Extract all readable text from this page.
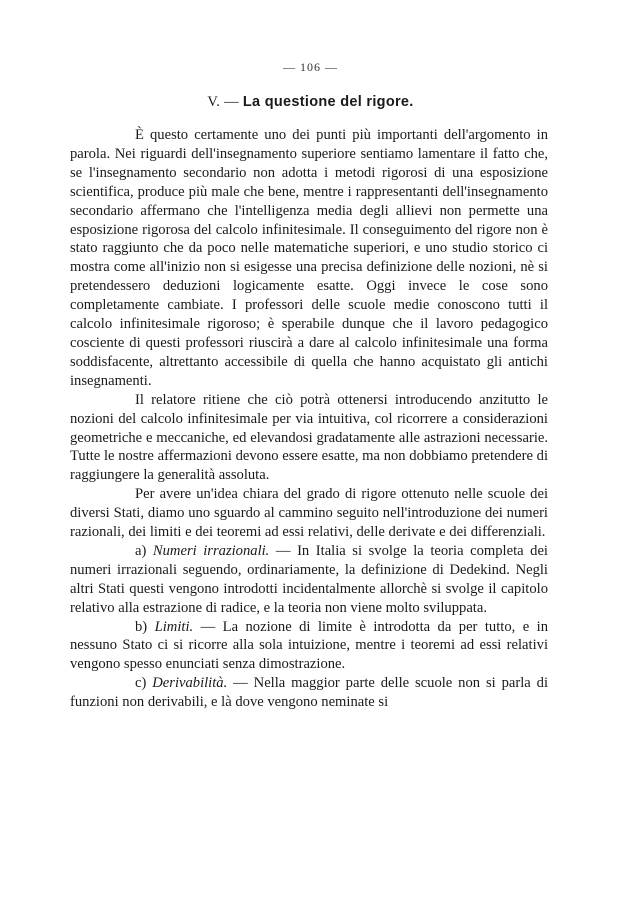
— 106 —
V. — La questione del rigore.

È questo certamente uno dei punti più importanti dell'argomento in parola. Nei riguardi dell'insegnamento superiore sentiamo lamentare il fatto che, se l'insegnamento secondario non adotta i metodi rigorosi di una esposizione scientifica, produce più male che bene, mentre i rappresentanti dell'insegnamento secondario affermano che l'intelligenza media degli allievi non permette una esposizione rigorosa del calcolo infinitesimale. Il conseguimento del rigore non è stato raggiunto che da poco nelle matematiche superiori, e uno studio storico ci mostra come all'inizio non si esigesse una precisa definizione delle nozioni, nè si pretendessero deduzioni logicamente esatte. Oggi invece le cose sono completamente cambiate. I professori delle scuole medie conoscono tutti il calcolo infinitesimale rigoroso; è sperabile dunque che il lavoro pedagogico cosciente di questi professori riuscirà a dare al calcolo infinitesimale una forma soddisfacente, altrettanto accessibile di quella che hanno acquistato gli antichi insegnamenti.

Il relatore ritiene che ciò potrà ottenersi introducendo anzitutto le nozioni del calcolo infinitesimale per via intuitiva, col ricorrere a considerazioni geometriche e meccaniche, ed elevandosi gradatamente alle astrazioni necessarie. Tutte le nostre affermazioni devono essere esatte, ma non dobbiamo pretendere di raggiungere la generalità assoluta.

Per avere un'idea chiara del grado di rigore ottenuto nelle scuole dei diversi Stati, diamo uno sguardo al cammino seguito nell'introduzione dei numeri razionali, dei limiti e dei teoremi ad essi relativi, delle derivate e dei differenziali.

a) Numeri irrazionali. — In Italia si svolge la teoria completa dei numeri irrazionali seguendo, ordinariamente, la definizione di Dedekind. Negli altri Stati questi vengono introdotti incidentalmente allorchè si svolge il capitolo relativo alla estrazione di radice, e la teoria non viene molto sviluppata.

b) Limiti. — La nozione di limite è introdotta da per tutto, e in nessuno Stato ci si ricorre alla sola intuizione, mentre i teoremi ad essi relativi vengono spesso enunciati senza dimostrazione.

c) Derivabilità. — Nella maggior parte delle scuole non si parla di funzioni non derivabili, e là dove vengono neminate si
